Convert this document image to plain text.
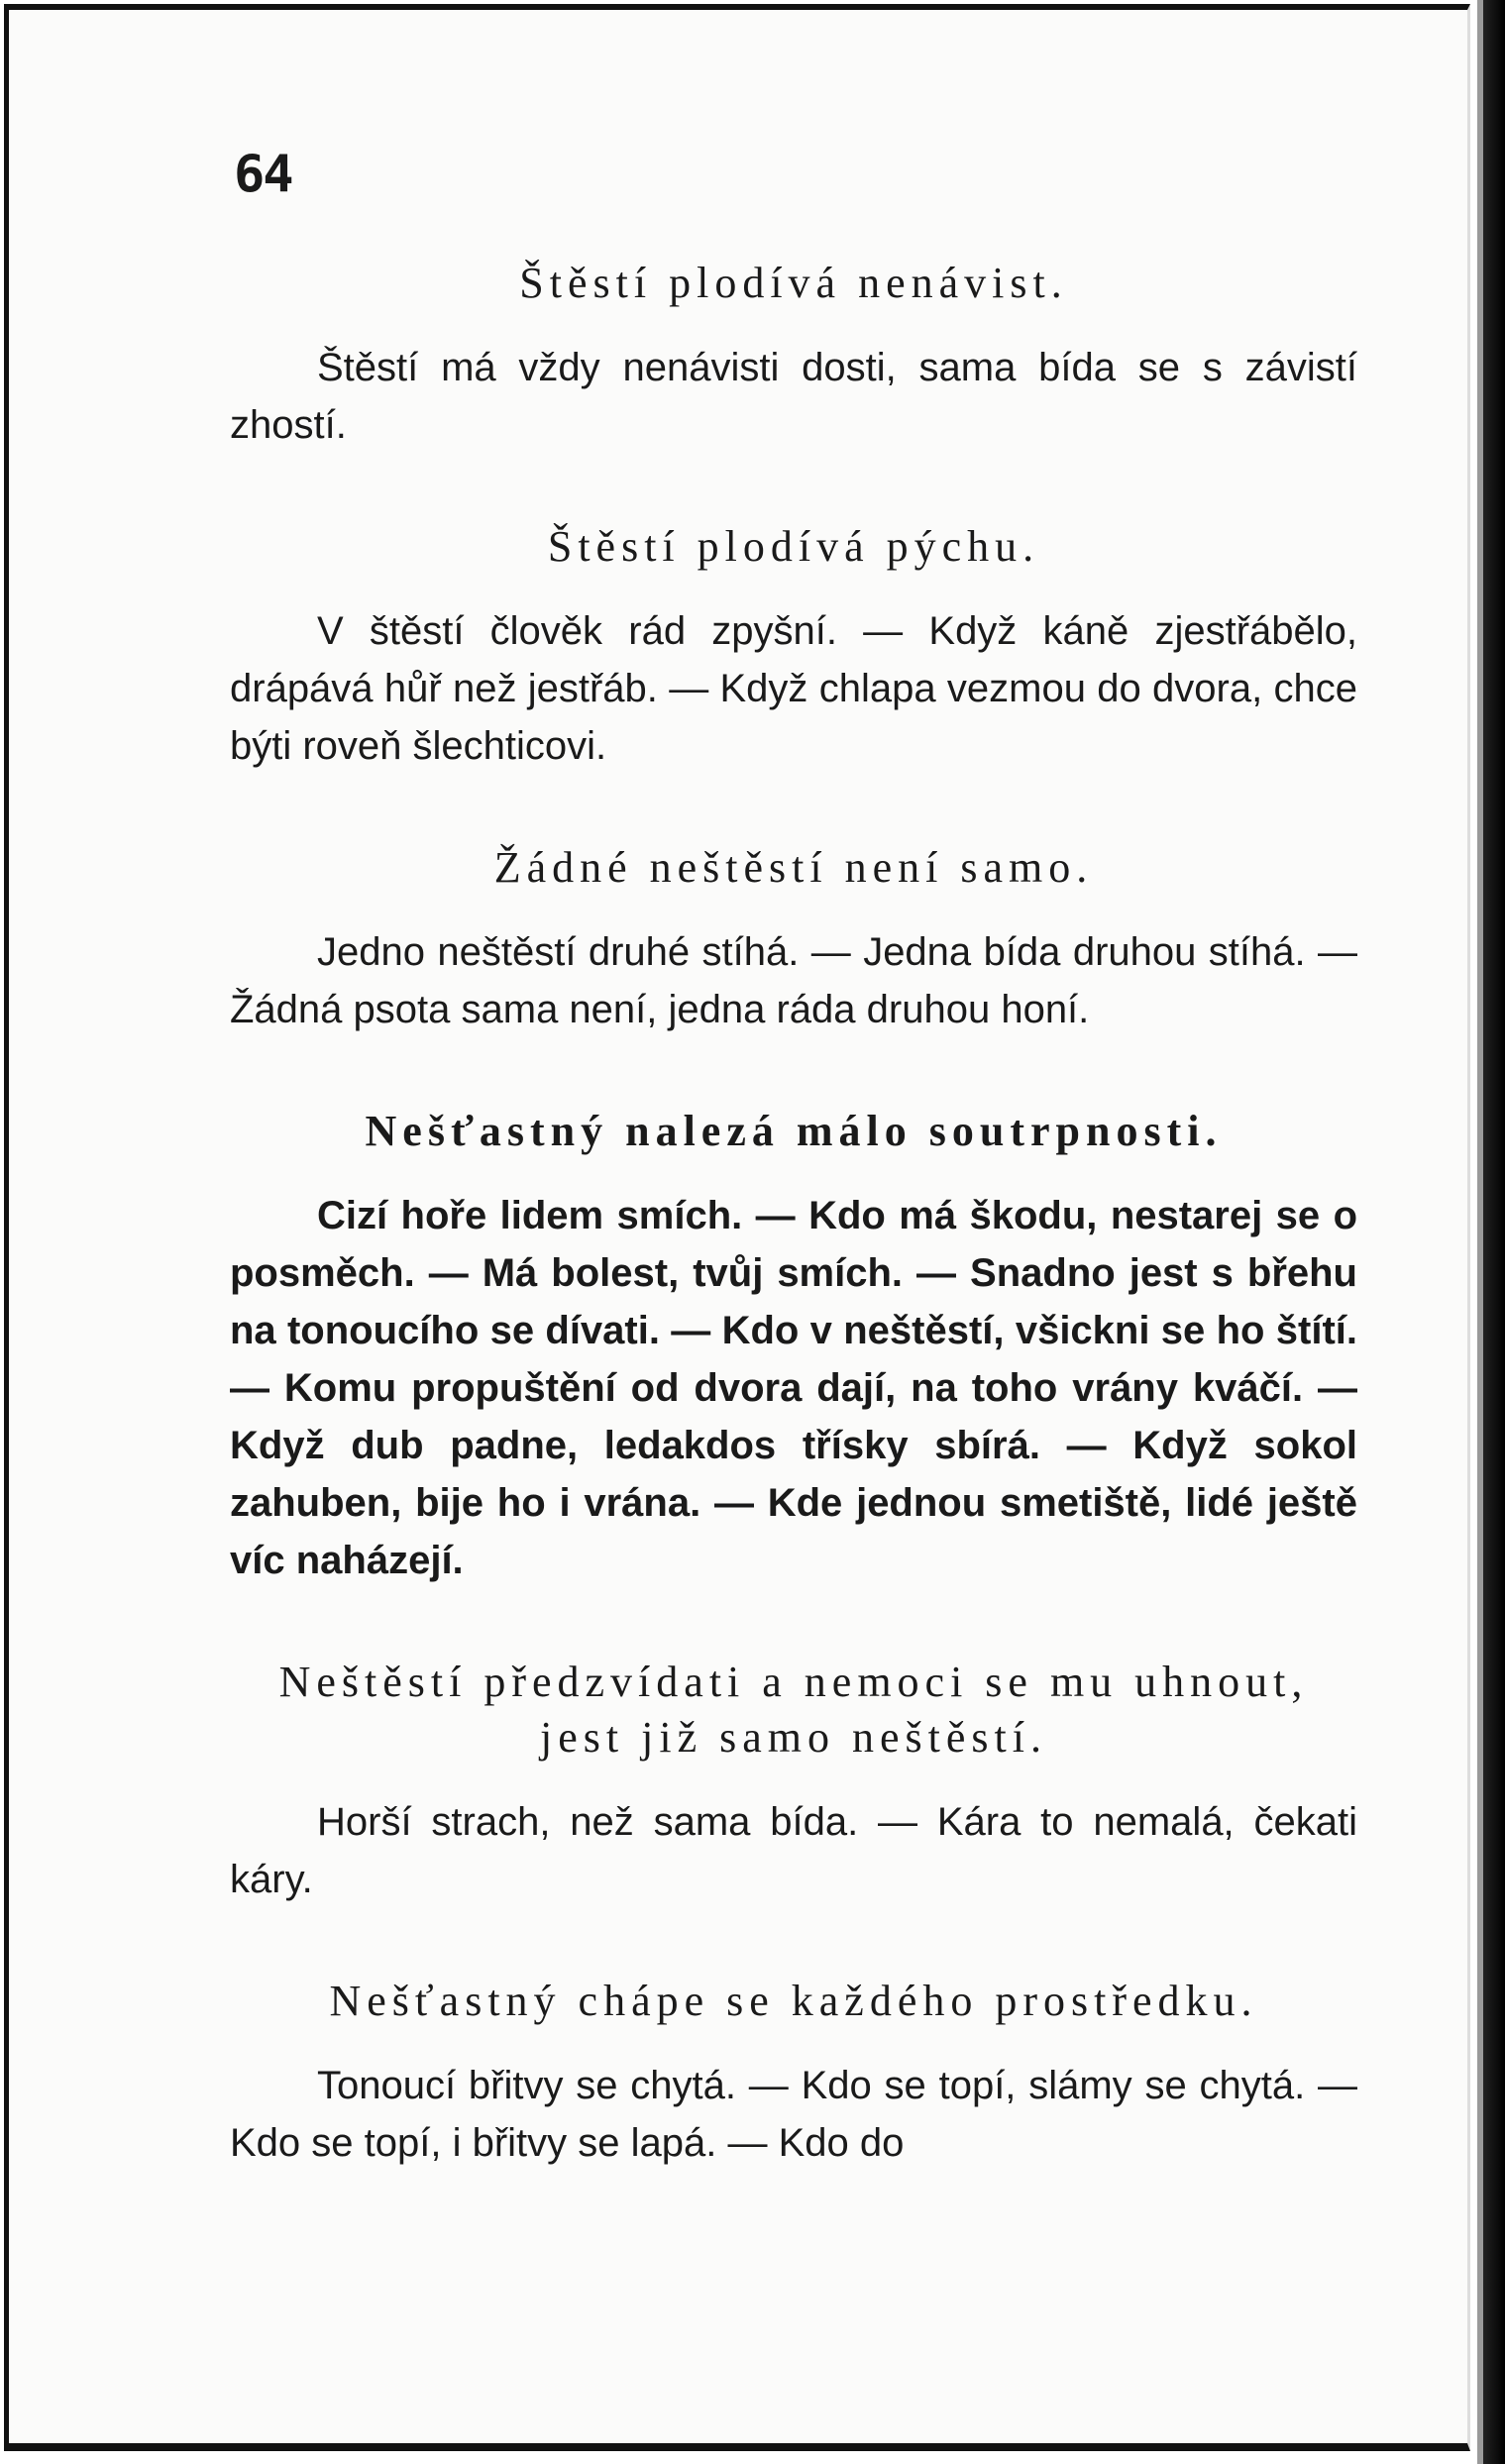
64
Štěstí plodívá nenávist.

Štěstí má vždy nenávisti dosti, sama bída se s závistí zhostí.

Štěstí plodívá pýchu.

V štěstí člověk rád zpyšní. — Když káně zjestřábělo, drápává hůř než jestřáb. — Když chlapa vezmou do dvora, chce býti roveň šlechticovi.

Žádné neštěstí není samo.

Jedno neštěstí druhé stíhá. — Jedna bída druhou stíhá. — Žádná psota sama není, jedna ráda druhou honí.

Nešťastný nalezá málo soutrpnosti.

Cizí hoře lidem smích. — Kdo má škodu, nestarej se o posměch. — Má bolest, tvůj smích. — Snadno jest s břehu na tonoucího se dívati. — Kdo v neštěstí, všickni se ho štítí. — Komu propuštění od dvora dají, na toho vrány kváčí. — Když dub padne, ledakdos třísky sbírá. — Když sokol zahuben, bije ho i vrána. — Kde jednou smetiště, lidé ještě víc naházejí.

Neštěstí předzvídati a nemoci se mu uhnout, jest již samo neštěstí.

Horší strach, než sama bída. — Kára to nemalá, čekati káry.

Nešťastný chápe se každého prostředku.

Tonoucí břitvy se chytá. — Kdo se topí, slámy se chytá. — Kdo se topí, i břitvy se lapá. — Kdo do
